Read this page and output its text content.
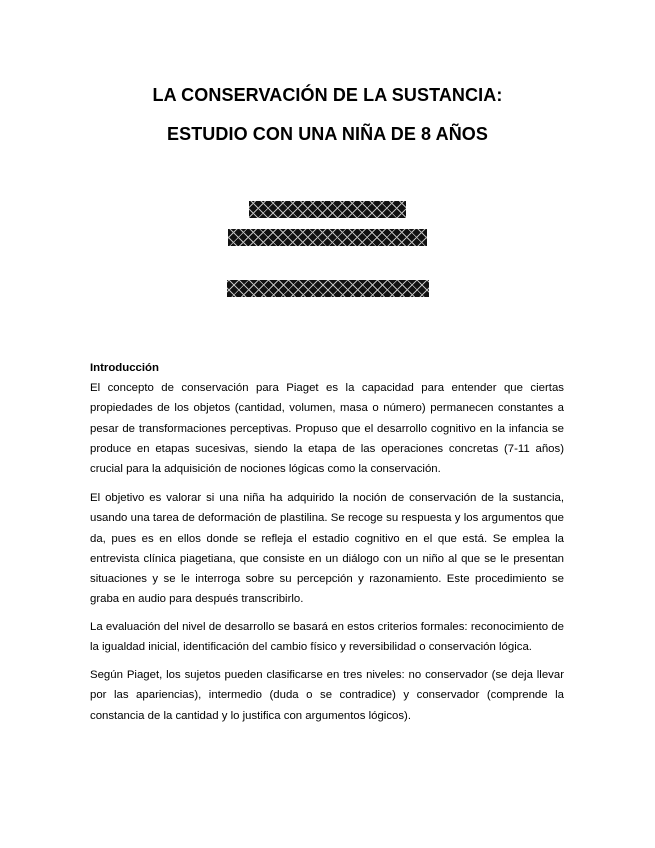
LA CONSERVACIÓN DE LA SUSTANCIA:
ESTUDIO CON UNA NIÑA DE 8 AÑOS
Introducción

El concepto de conservación para Piaget es la capacidad para entender que ciertas propiedades de los objetos (cantidad, volumen, masa o número) permanecen constantes a pesar de transformaciones perceptivas. Propuso que el desarrollo cognitivo en la infancia se produce en etapas sucesivas, siendo la etapa de las operaciones concretas (7-11 años) crucial para la adquisición de nociones lógicas como la conservación.

El objetivo es valorar si una niña ha adquirido la noción de conservación de la sustancia, usando una tarea de deformación de plastilina. Se recoge su respuesta y los argumentos que da, pues es en ellos donde se refleja el estadio cognitivo en el que está. Se emplea la entrevista clínica piagetiana, que consiste en un diálogo con un niño al que se le presentan situaciones y se le interroga sobre su percepción y razonamiento. Este procedimiento se graba en audio para después transcribirlo.

La evaluación del nivel de desarrollo se basará en estos criterios formales: reconocimiento de la igualdad inicial, identificación del cambio físico y reversibilidad o conservación lógica.

Según Piaget, los sujetos pueden clasificarse en tres niveles: no conservador (se deja llevar por las apariencias), intermedio (duda o se contradice) y conservador (comprende la constancia de la cantidad y lo justifica con argumentos lógicos).
